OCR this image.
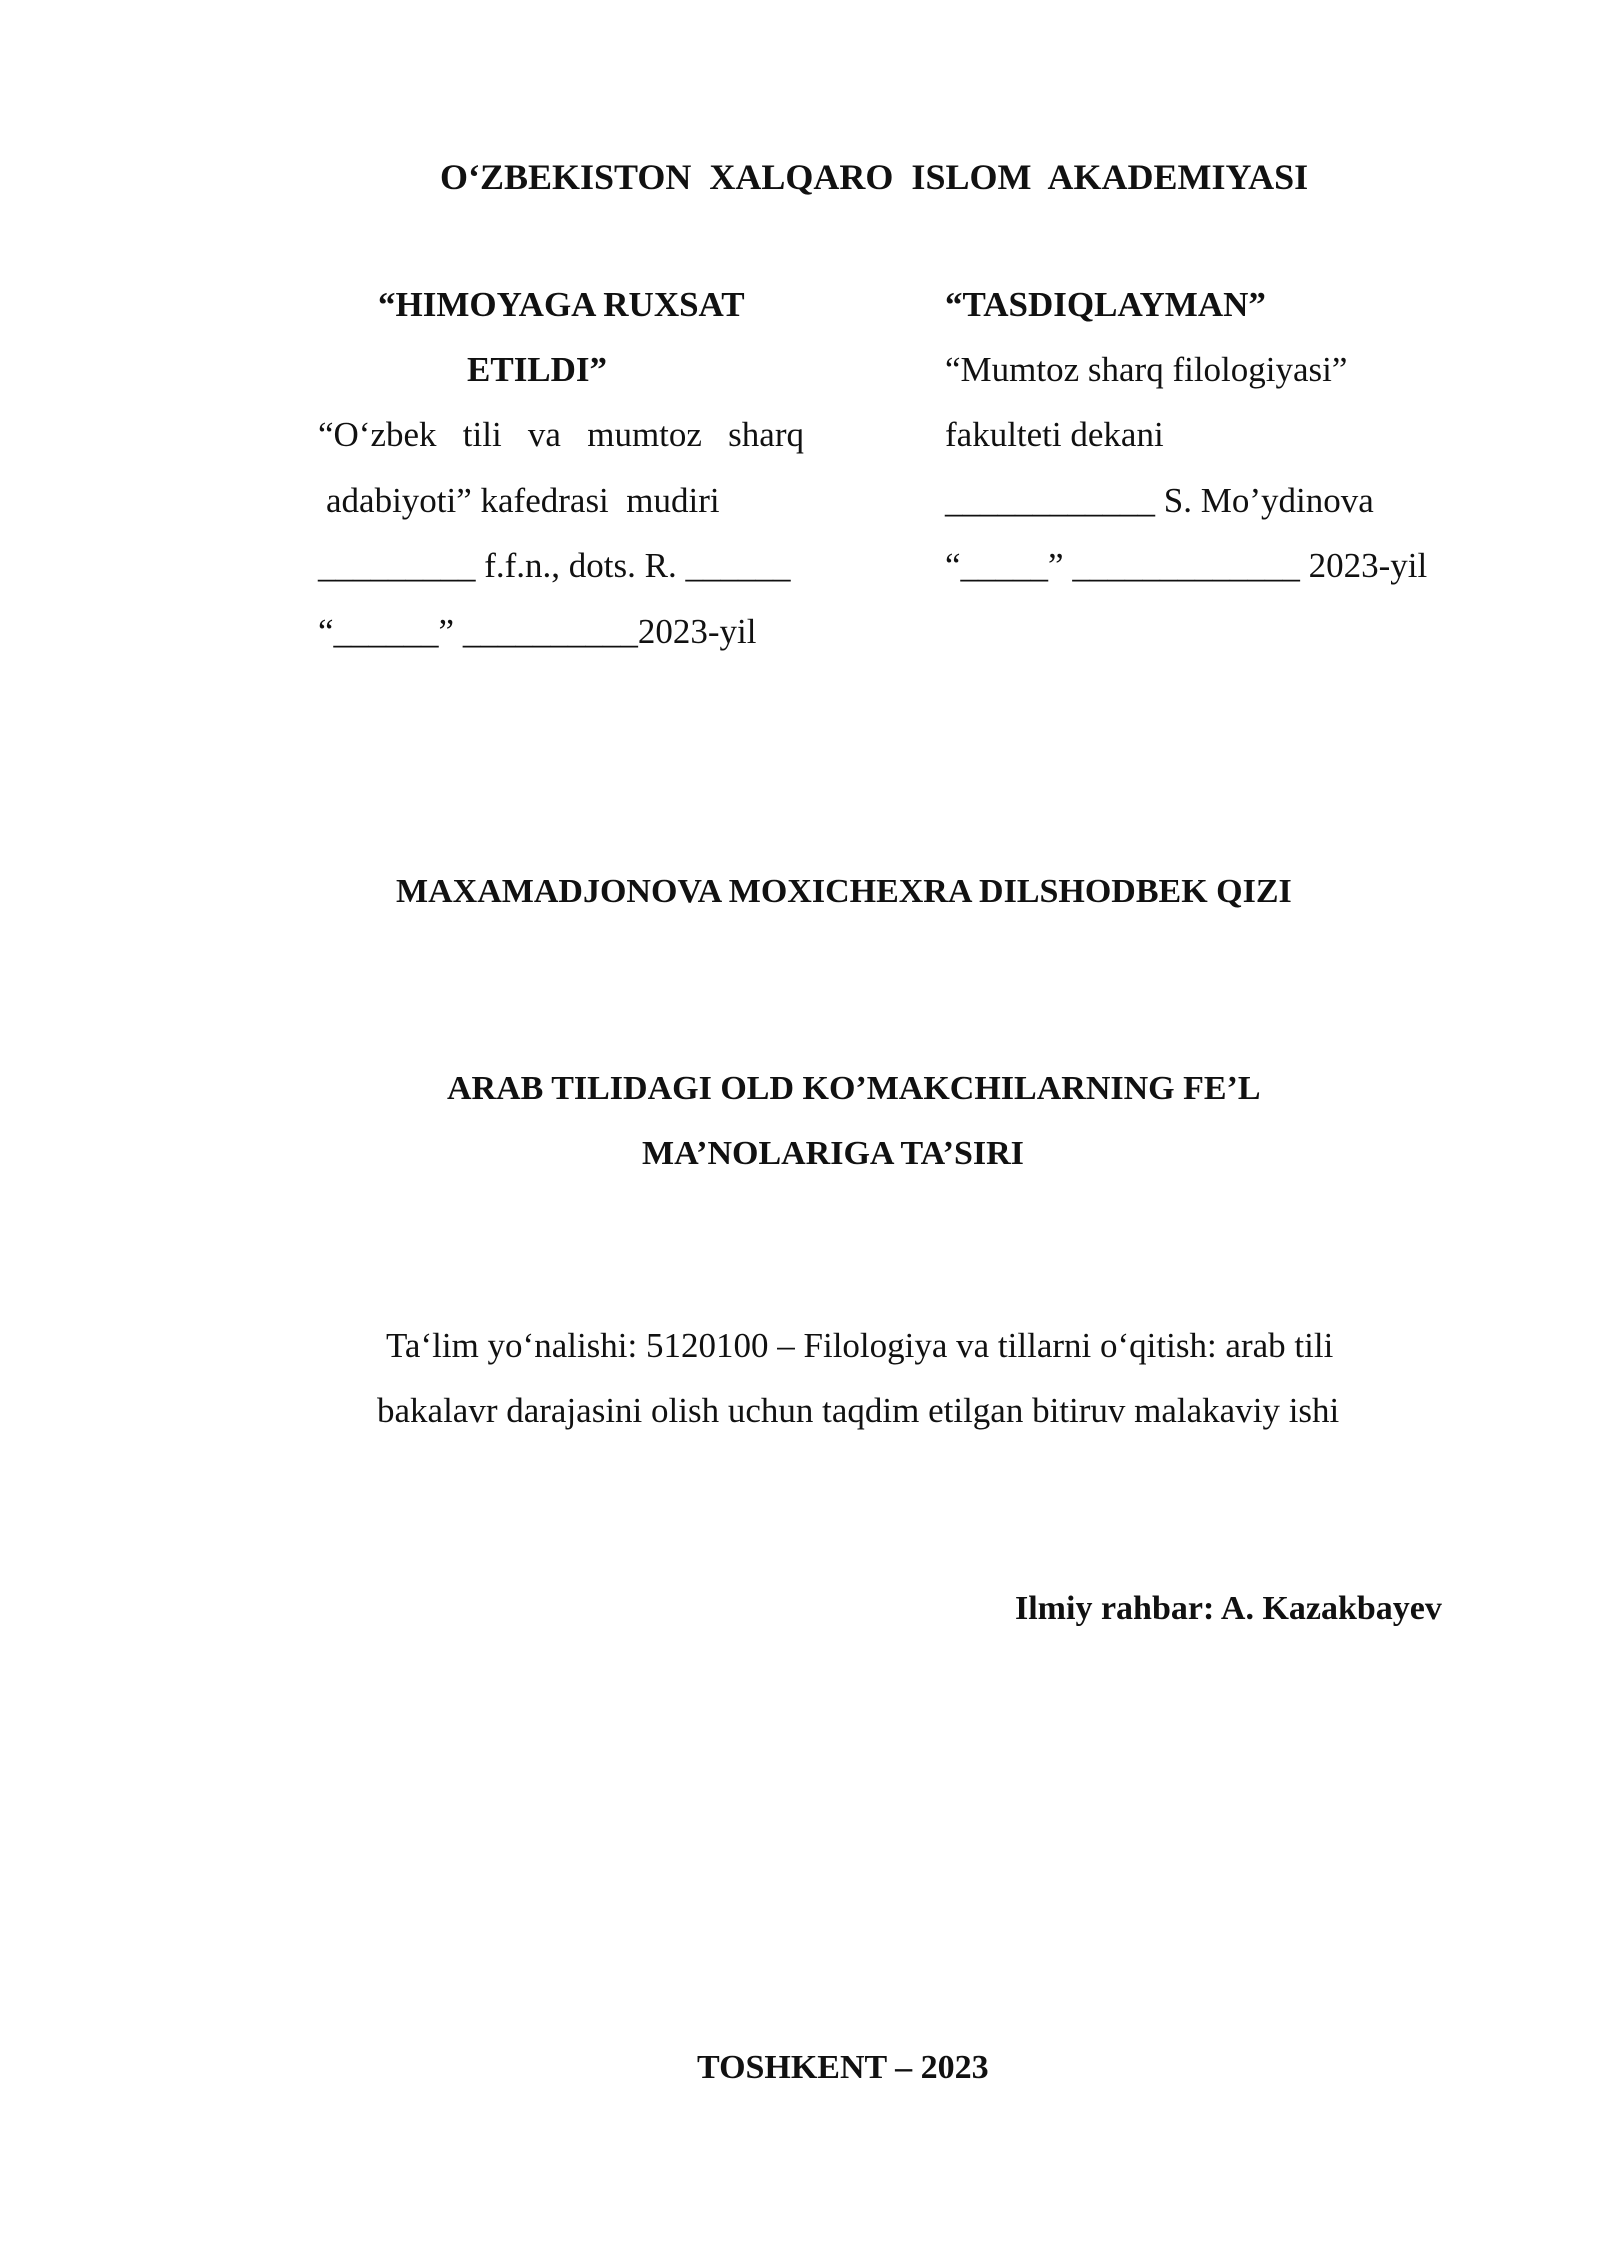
O‘ZBEKISTON  XALQARO  ISLOM  AKADEMIYASI
“HIMOYAGA RUXSAT
ETILDI”
“O‘zbek   tili   va   mumtoz   sharq
adabiyoti” kafedrasi  mudiri
_________ f.f.n., dots. R. ______
“______” __________2023-yil
“TASDIQLAYMAN”
“Mumtoz sharq filologiyasi”
fakulteti dekani
____________ S. Mo’ydinova
“_____” _____________ 2023-yil
MAXAMADJONOVA MOXICHEXRA DILSHODBEK QIZI
ARAB TILIDAGI OLD KO’MAKCHILARNING FE’L
MA’NOLARIGA TA’SIRI
Ta‘lim yo‘nalishi: 5120100 – Filologiya va tillarni o‘qitish: arab tili
bakalavr darajasini olish uchun taqdim etilgan bitiruv malakaviy ishi
Ilmiy rahbar: A. Kazakbayev
TOSHKENT – 2023
